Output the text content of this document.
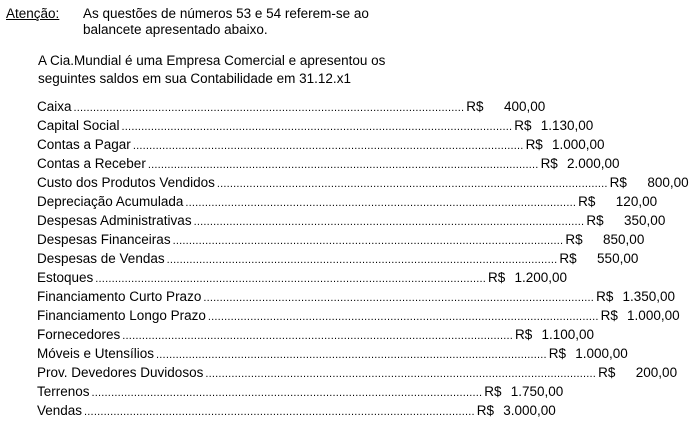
Atenção: As questões de números 53 e 54 referem-se ao balancete apresentado abaixo.
A Cia.Mundial é uma Empresa Comercial e apresentou os seguintes saldos em sua Contabilidade em 31.12.x1
Caixa ........................................................................................................................ R$	400,00
Capital Social ........................................................................................................................ R$ 1.130,00
Contas a Pagar ........................................................................................................................ R$ 1.000,00
Contas a Receber ........................................................................................................................ R$ 2.000,00
Custo dos Produtos Vendidos ........................................................................................................................ R$	800,00
Depreciação Acumulada ........................................................................................................................ R$	120,00
Despesas Administrativas ........................................................................................................................ R$	350,00
Despesas Financeiras ........................................................................................................................ R$	850,00
Despesas de Vendas ........................................................................................................................ R$	550,00
Estoques ........................................................................................................................ R$ 1.200,00
Financiamento Curto Prazo ........................................................................................................................ R$ 1.350,00
Financiamento Longo Prazo ........................................................................................................................ R$ 1.000,00
Fornecedores ........................................................................................................................ R$ 1.100,00
Móveis e Utensílios ........................................................................................................................ R$ 1.000,00
Prov. Devedores Duvidosos ........................................................................................................................ R$	200,00
Terrenos ........................................................................................................................ R$ 1.750,00
Vendas ........................................................................................................................ R$ 3.000,00
